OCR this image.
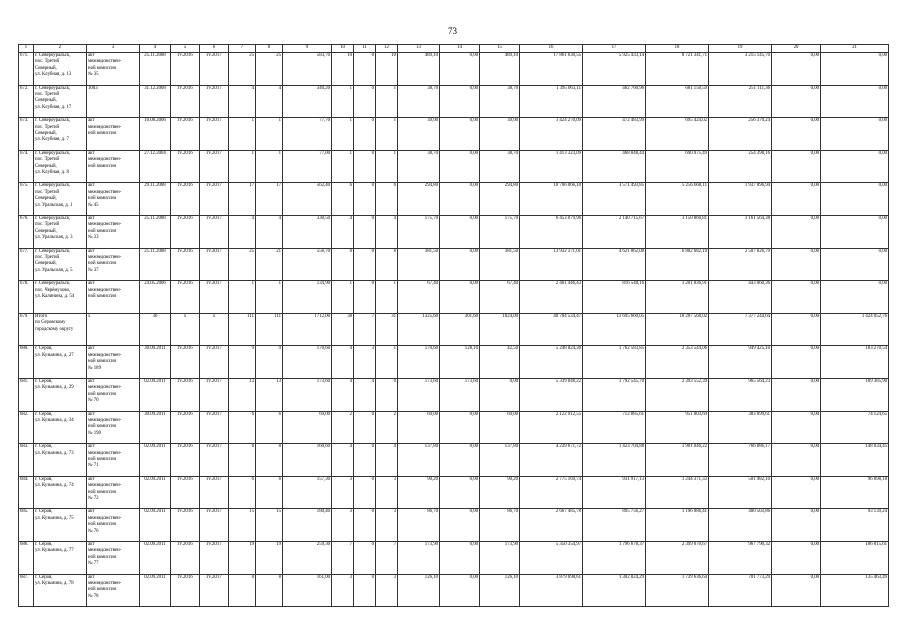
73
1	2	3	4	5	6	7	8	9	10	11	12	13	14	15	16	17	18	19	20	21
671.	г. Североуральск,
пос. Третий
Северный,
ул. Клубная, д. 13	акт
межведомствен-
ной комиссии
№ 35	25.11.2008	IV.2016	IV.2017	25	25	583,70	10	0	10	489,10	0,00	489,10	17 861 630,55	5 925 433,14	8 721 341,71	3 215 145,70	0,00	0,00
672.	г. Североуральск,
пос. Третий
Северный,
ул. Клубная, д. 17	1003	31.12.2008	IV.2016	IV.2017	4	4	340,20	1	0	1	38,70	0,00	38,70	1 395 063,11	462 760,96	681 150,59	251 111,36	0,00	0,00
673.	г. Североуральск,
пос. Третий
Северный,
ул. Клубная, д. 7	акт
межведомствен-
ной комиссии	10.08.2006	IV.2016	IV.2017	1	1	77,70	1	0	1	39,00	0,00	39,00	1 424 270,09	472 483,99	695 424,02	256 370,24	0,00	0,00
674.	г. Североуральск,
пос. Третий
Северный,
ул. Клубная, д. 8	акт
межведомствен-
ной комиссии	27.12.2004	IV.2016	IV.2017	1	1	77,00	1	0	1	38,70	0,00	38,70	1 413 323,09	468 848,44	690 075,49	254 398,16	0,00	0,00
675.	г. Североуральск,
пос. Третий
Северный,
ул. Уральская, д. 1	акт
межведомствен-
ной комиссии
№ 45	29.11.2008	IV.2016	IV.2017	17	17	562,40	6	0	6	294,80	0,00	294,80	10 766 066,10	3 571 493,85	5 256 668,11	1 937 896,94	0,00	0,00
676.	г. Североуральск,
пос. Третий
Северный,
ул. Уральская, д. 3	акт
межведомствен-
ной комиссии
№ 33	25.11.2008	IV.2016	IV.2017	4	4	330,50	4	0	4	175,70	0,00	175,70	6 453 079,96	2 140 715,67	3 150 860,81	1 161 564,38	0,00	0,00
677.	г. Североуральск,
пос. Третий
Северный,
ул. Уральская, д. 5	акт
межведомствен-
ной комиссии
№ 37	25.11.2008	IV.2016	IV.2017	25	21	556,70	8	0	8	381,50	0,00	381,50	13 932 371,01	4 621 862,08	6 802 682,19	2 507 826,79	0,00	0,00
678.	г. Североуральск,
пос. Черёмухово,
ул. Калинина, д. 54	акт
межведомствен-
ной комиссии	24.05.2006	IV.2016	IV.2017	1	1	134,90	1	0	1	67,40	0,00	67,40	2 461 446,43	816 548,16	1 201 836,91	443 060,36	0,00	0,00
679.	Итого
по Серовскому
городскому округу	x	30	x	x	111	111	1712,00	38	7	31	1325,60	301,60	1024,00	40 784 534,47	13 695 660,05	18 287 568,02	7 377 244,64	0,00	1 424 052,76
680.	г. Серов,
ул. Кузьмина, д. 27	акт
межведомствен-
ной комиссии
№ 189	30.09.2011	IV.2016	IV.2017	9	9	170,60	4	3	1	170,60	128,10	42,50	5 248 824,30	1 762 583,85	2 353 544,06	949 425,10	0,00	183 270,54
681.	г. Серов,
ул. Кузьмина, д. 29	акт
межведомствен-
ной комиссии
№ 70	02.09.2011	IV.2016	IV.2017	13	13	173,60	4	4	0	173,60	173,60	0,00	5 339 048,22	1 792 545,70	2 393 552,39	965 564,23	0,00	189 385,90
682.	г. Серов,
ул. Кузьмина, д. 34	акт
межведомствен-
ной комиссии
№ 190	30.09.2011	IV.2016	IV.2017	6	6	69,00	2	0	2	69,00	0,00	69,00	2 122 912,55	712 885,61	951 803,69	383 099,61	0,00	74 124,65
683.	г. Серов,
ул. Кузьмина, д. 73	акт
межведомствен-
ной комиссии
№ 71	02.09.2011	IV.2016	IV.2017	8	8	160,60	4	0	4	137,80	0,00	137,80	4 239 671,72	1 423 704,88	1 901 046,22	766 886,17	0,00	148 034,45
684.	г. Серов,
ул. Кузьмина, д. 74	акт
межведомствен-
ной комиссии
№ 72	02.09.2011	IV.2016	IV.2017	6	6	157,30	3	0	3	90,20	0,00	90,20	2 775 169,74	931 917,13	1 244 371,33	501 982,10	0,00	96 898,18
685.	г. Серов,
ул. Кузьмина, д. 75	акт
межведомствен-
ной комиссии
№ 76	02.09.2011	IV.2016	IV.2017	15	15	180,40	3	0	3	86,70	0,00	86,70	2 667 485,78	895 756,27	1 196 086,41	480 503,86	0,00	93 139,24
686.	г. Серов,
ул. Кузьмина, д. 77	акт
межведомствен-
ной комиссии
№ 77	02.09.2011	IV.2016	IV.2017	19	19	259,30	7	0	7	173,90	0,00	173,90	5 350 354,97	1 796 678,37	2 399 070,67	967 790,32	0,00	186 815,61
687.	г. Серов,
ул. Кузьмина, д. 78	акт
межведомствен-
ной комиссии
№ 78	02.09.2011	IV.2016	IV.2017	8	8	161,00	3	0	3	126,10	0,00	126,10	3 879 698,61	1 302 824,29	1 739 636,64	701 773,29	0,00	135 463,49
